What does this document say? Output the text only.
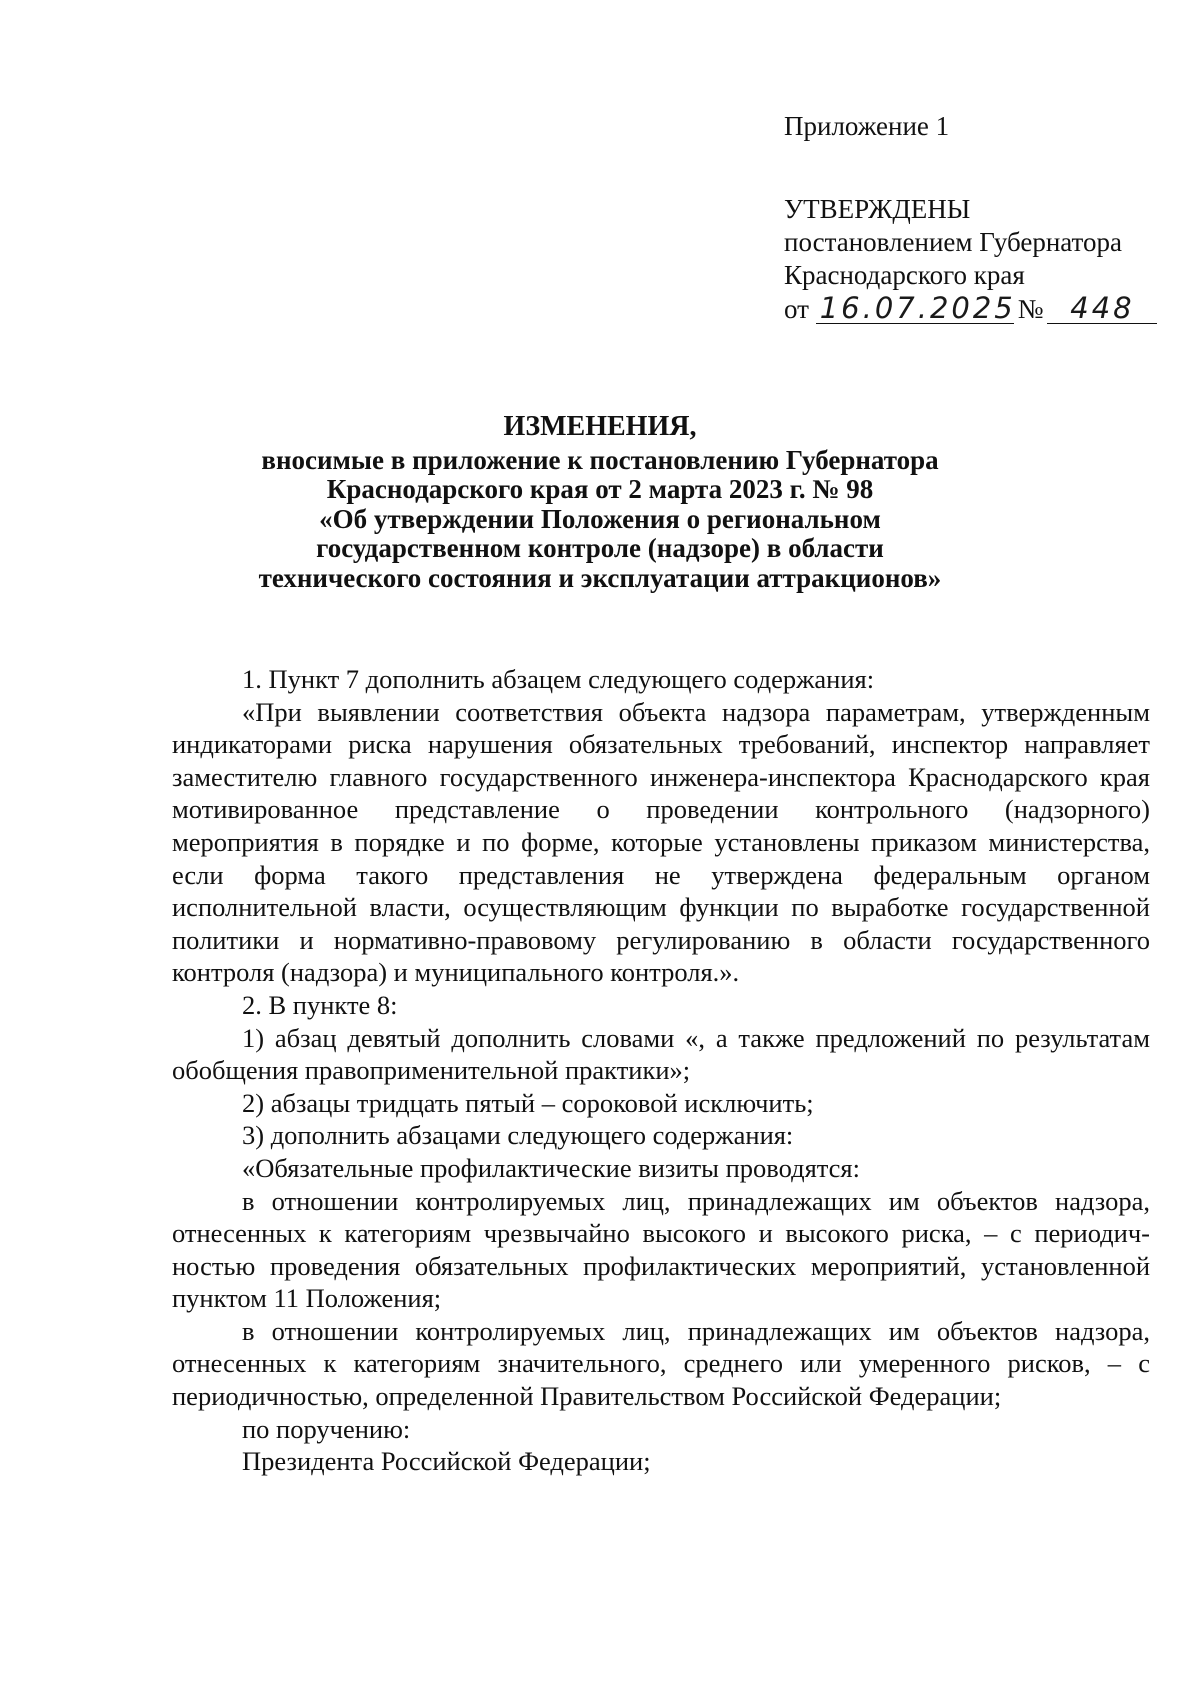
Приложение 1
УТВЕРЖДЕНЫ
постановлением Губернатора
Краснодарского края
от 16.07.2025№ 448
ИЗМЕНЕНИЯ,
вносимые в приложение к постановлению Губернатора
Краснодарского края от 2 марта 2023 г. № 98
«Об утверждении Положения о региональном
государственном контроле (надзоре) в области
технического состояния и эксплуатации аттракционов»

1. Пункт 7 дополнить абзацем следующего содержания:

«При выявлении соответствия объекта надзора параметрам, утвержденным индикаторами риска нарушения обязательных требований, инспектор направляет заместителю главного государственного инженера-инспектора Краснодарского края мотивированное представление о проведении контрольного (надзорного) мероприятия в порядке и по форме, которые установлены приказом министерства, если форма такого представления не утверждена федеральным органом исполнительной власти, осуществляющим функции по выработке государственной политики и нормативно-правовому регулированию в области государственного контроля (надзора) и муниципального контроля.».

2. В пункте 8:

1) абзац девятый дополнить словами «, а также предложений по результатам обобщения правоприменительной практики»;

2) абзацы тридцать пятый – сороковой исключить;

3) дополнить абзацами следующего содержания:

«Обязательные профилактические визиты проводятся:

в отношении контролируемых лиц, принадлежащих им объектов надзора, отнесенных к категориям чрезвычайно высокого и высокого риска, – с периодичностью проведения обязательных профилактических мероприятий, установленной пунктом 11 Положения;

в отношении контролируемых лиц, принадлежащих им объектов надзора, отнесенных к категориям значительного, среднего или умеренного рисков, – с периодичностью, определенной Правительством Российской Федерации;

по поручению:

Президента Российской Федерации;
